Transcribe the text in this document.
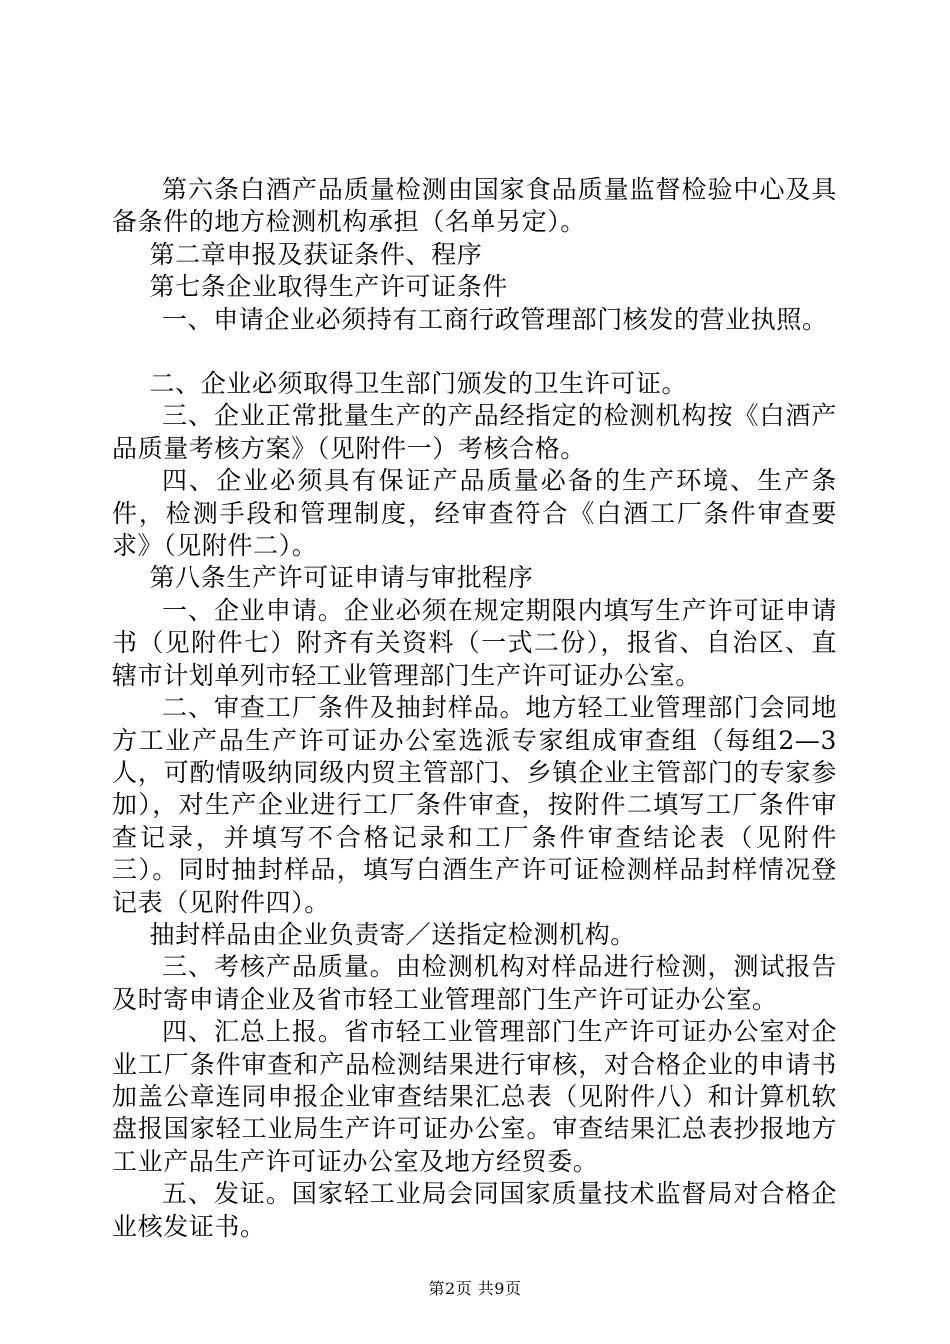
第六条白酒产品质量检测由国家食品质量监督检验中心及具备条件的地方检测机构承担（名单另定）。

第二章申报及获证条件、程序

第七条企业取得生产许可证条件

一、申请企业必须持有工商行政管理部门核发的营业执照。

二、企业必须取得卫生部门颁发的卫生许可证。

三、企业正常批量生产的产品经指定的检测机构按《白酒产品质量考核方案》（见附件一）考核合格。

四、企业必须具有保证产品质量必备的生产环境、生产条件，检测手段和管理制度，经审查符合《白酒工厂条件审查要求》（见附件二）。

第八条生产许可证申请与审批程序

一、企业申请。企业必须在规定期限内填写生产许可证申请书（见附件七）附齐有关资料（一式二份），报省、自治区、直辖市计划单列市轻工业管理部门生产许可证办公室。

二、审查工厂条件及抽封样品。地方轻工业管理部门会同地方工业产品生产许可证办公室选派专家组成审查组（每组2—3人，可酌情吸纳同级内贸主管部门、乡镇企业主管部门的专家参加），对生产企业进行工厂条件审查，按附件二填写工厂条件审查记录，并填写不合格记录和工厂条件审查结论表（见附件三）。同时抽封样品，填写白酒生产许可证检测样品封样情况登记表（见附件四）。

抽封样品由企业负责寄／送指定检测机构。

三、考核产品质量。由检测机构对样品进行检测，测试报告及时寄申请企业及省市轻工业管理部门生产许可证办公室。

四、汇总上报。省市轻工业管理部门生产许可证办公室对企业工厂条件审查和产品检测结果进行审核，对合格企业的申请书加盖公章连同申报企业审查结果汇总表（见附件八）和计算机软盘报国家轻工业局生产许可证办公室。审查结果汇总表抄报地方工业产品生产许可证办公室及地方经贸委。

五、发证。国家轻工业局会同国家质量技术监督局对合格企业核发证书。

第2页 共9页
